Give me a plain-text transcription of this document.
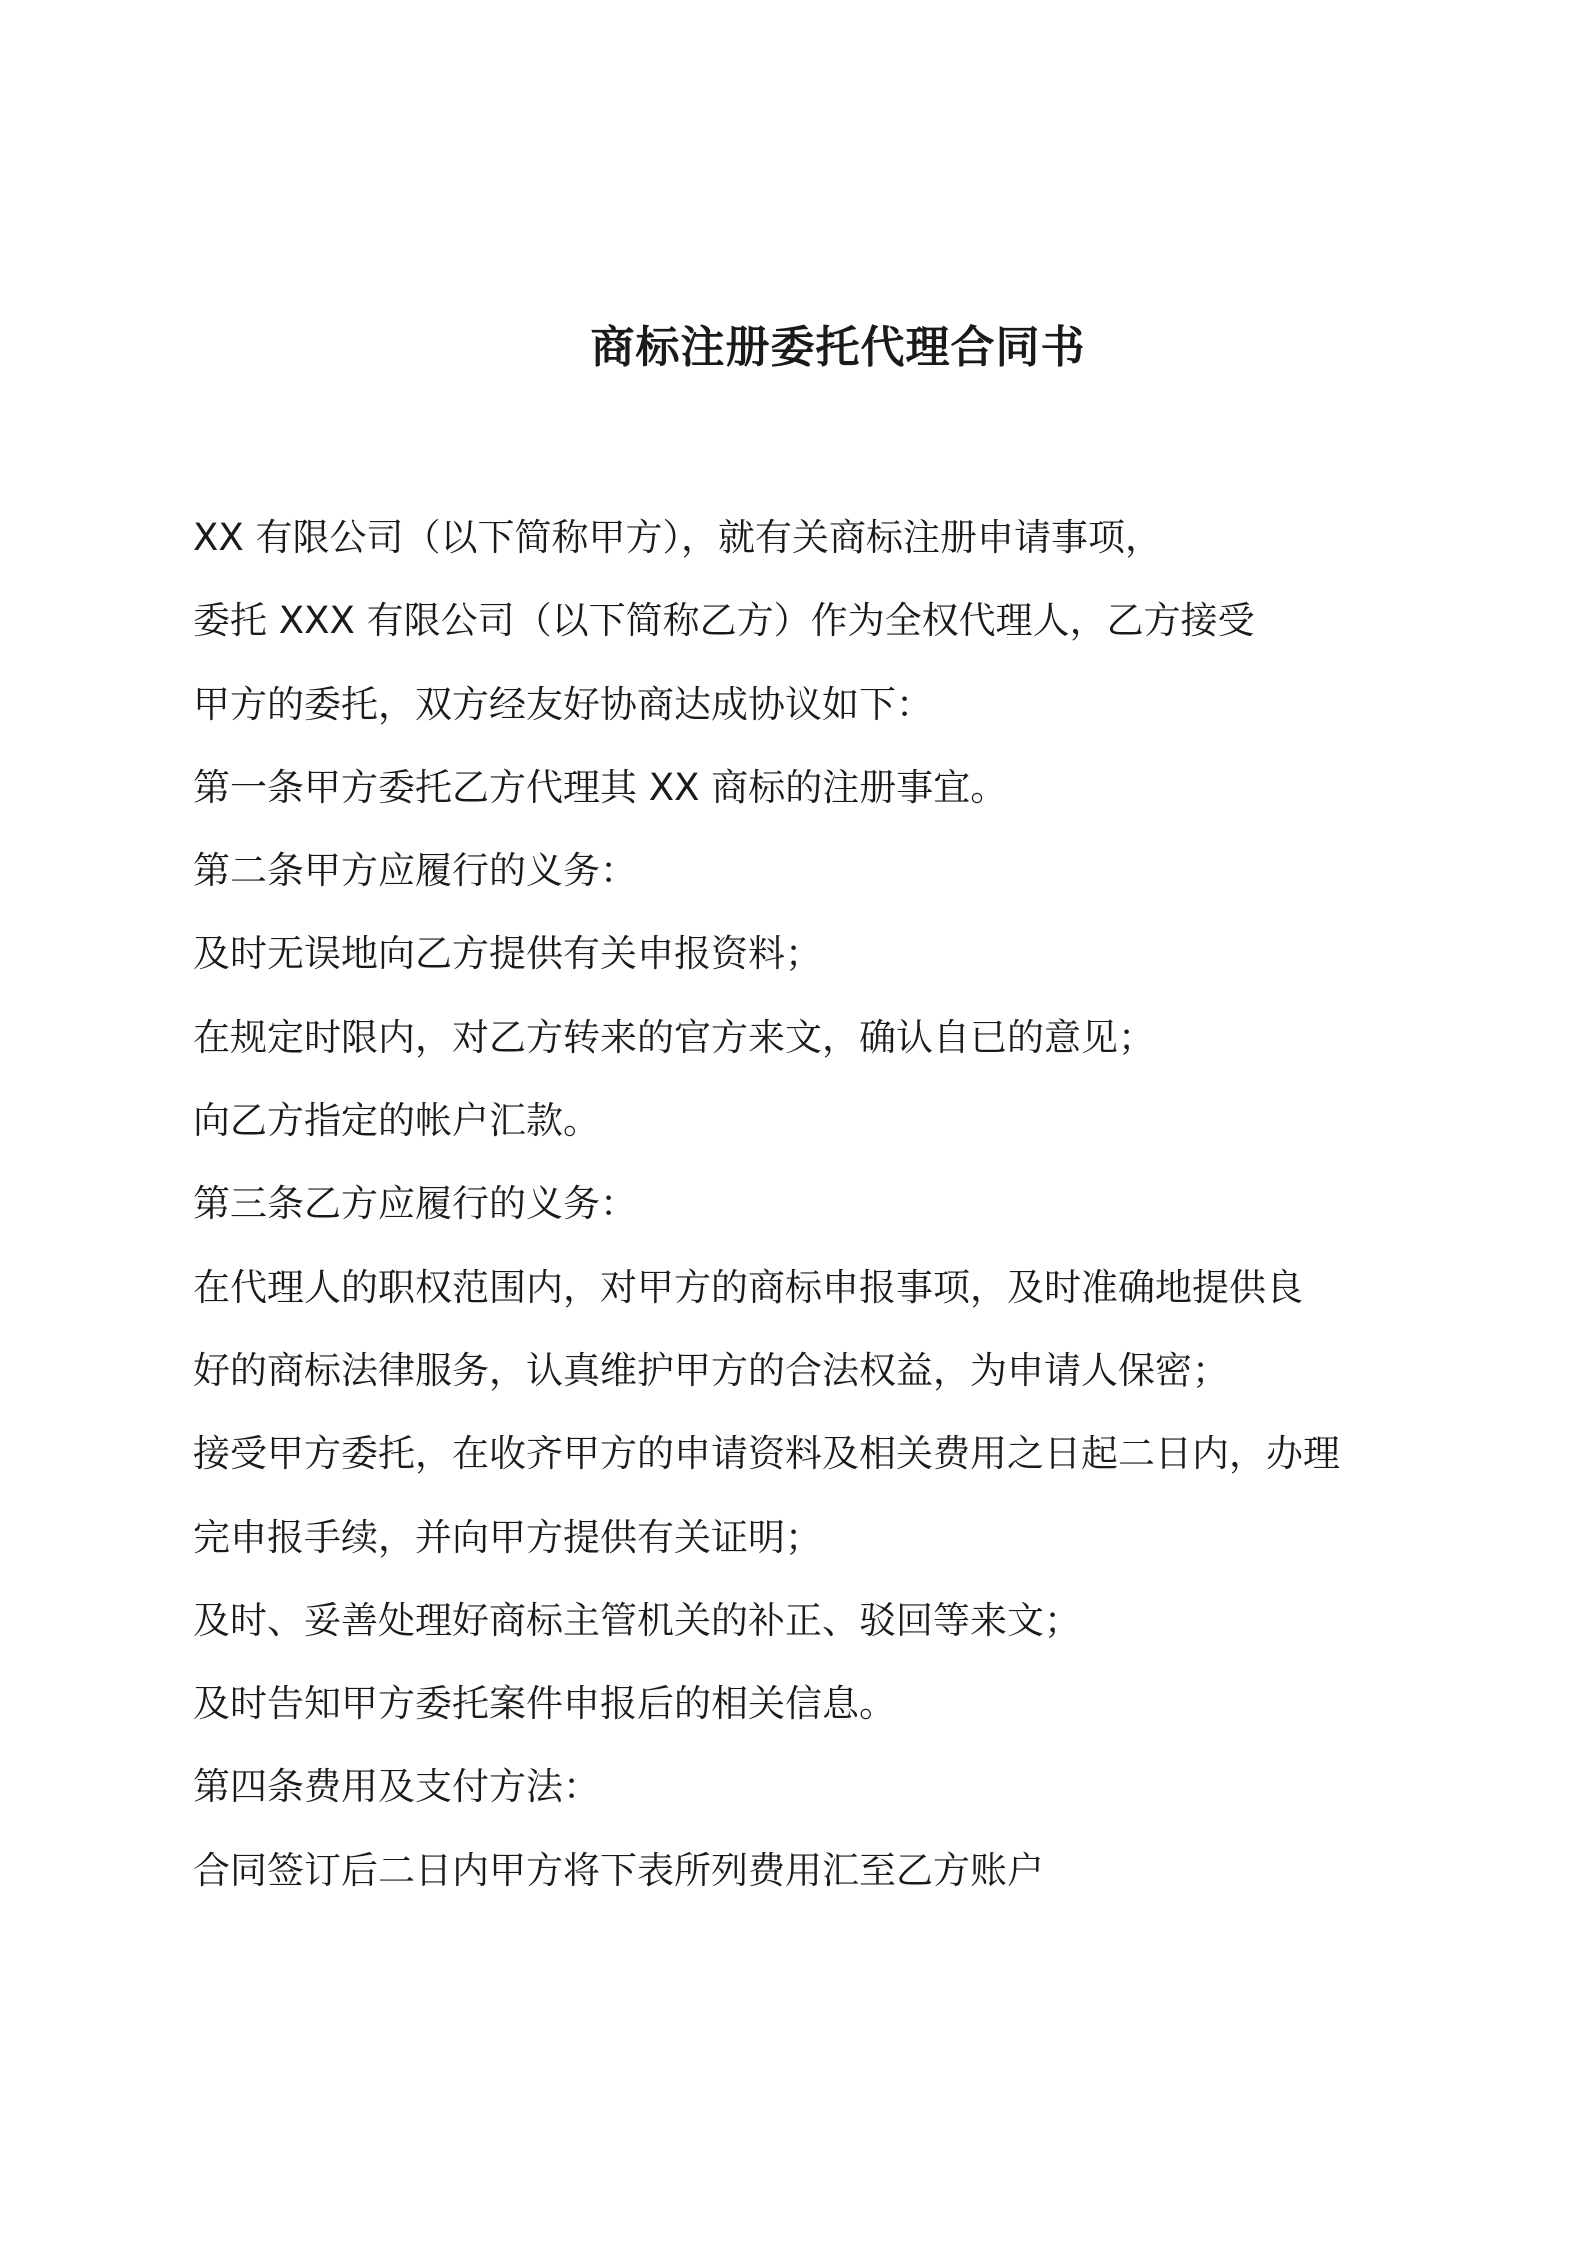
商标注册委托代理合同书

XX 有限公司（以下简称甲方），就有关商标注册申请事项，

委托 XXX 有限公司（以下简称乙方）作为全权代理人，乙方接受

甲方的委托，双方经友好协商达成协议如下：

第一条甲方委托乙方代理其 XX 商标的注册事宜。

第二条甲方应履行的义务：

及时无误地向乙方提供有关申报资料；

在规定时限内，对乙方转来的官方来文，确认自已的意见；

向乙方指定的帐户汇款。

第三条乙方应履行的义务：

在代理人的职权范围内，对甲方的商标申报事项，及时准确地提供良

好的商标法律服务，认真维护甲方的合法权益，为申请人保密；

接受甲方委托，在收齐甲方的申请资料及相关费用之日起二日内，办理

完申报手续，并向甲方提供有关证明；

及时、妥善处理好商标主管机关的补正、驳回等来文；

及时告知甲方委托案件申报后的相关信息。

第四条费用及支付方法：

合同签订后二日内甲方将下表所列费用汇至乙方账户
